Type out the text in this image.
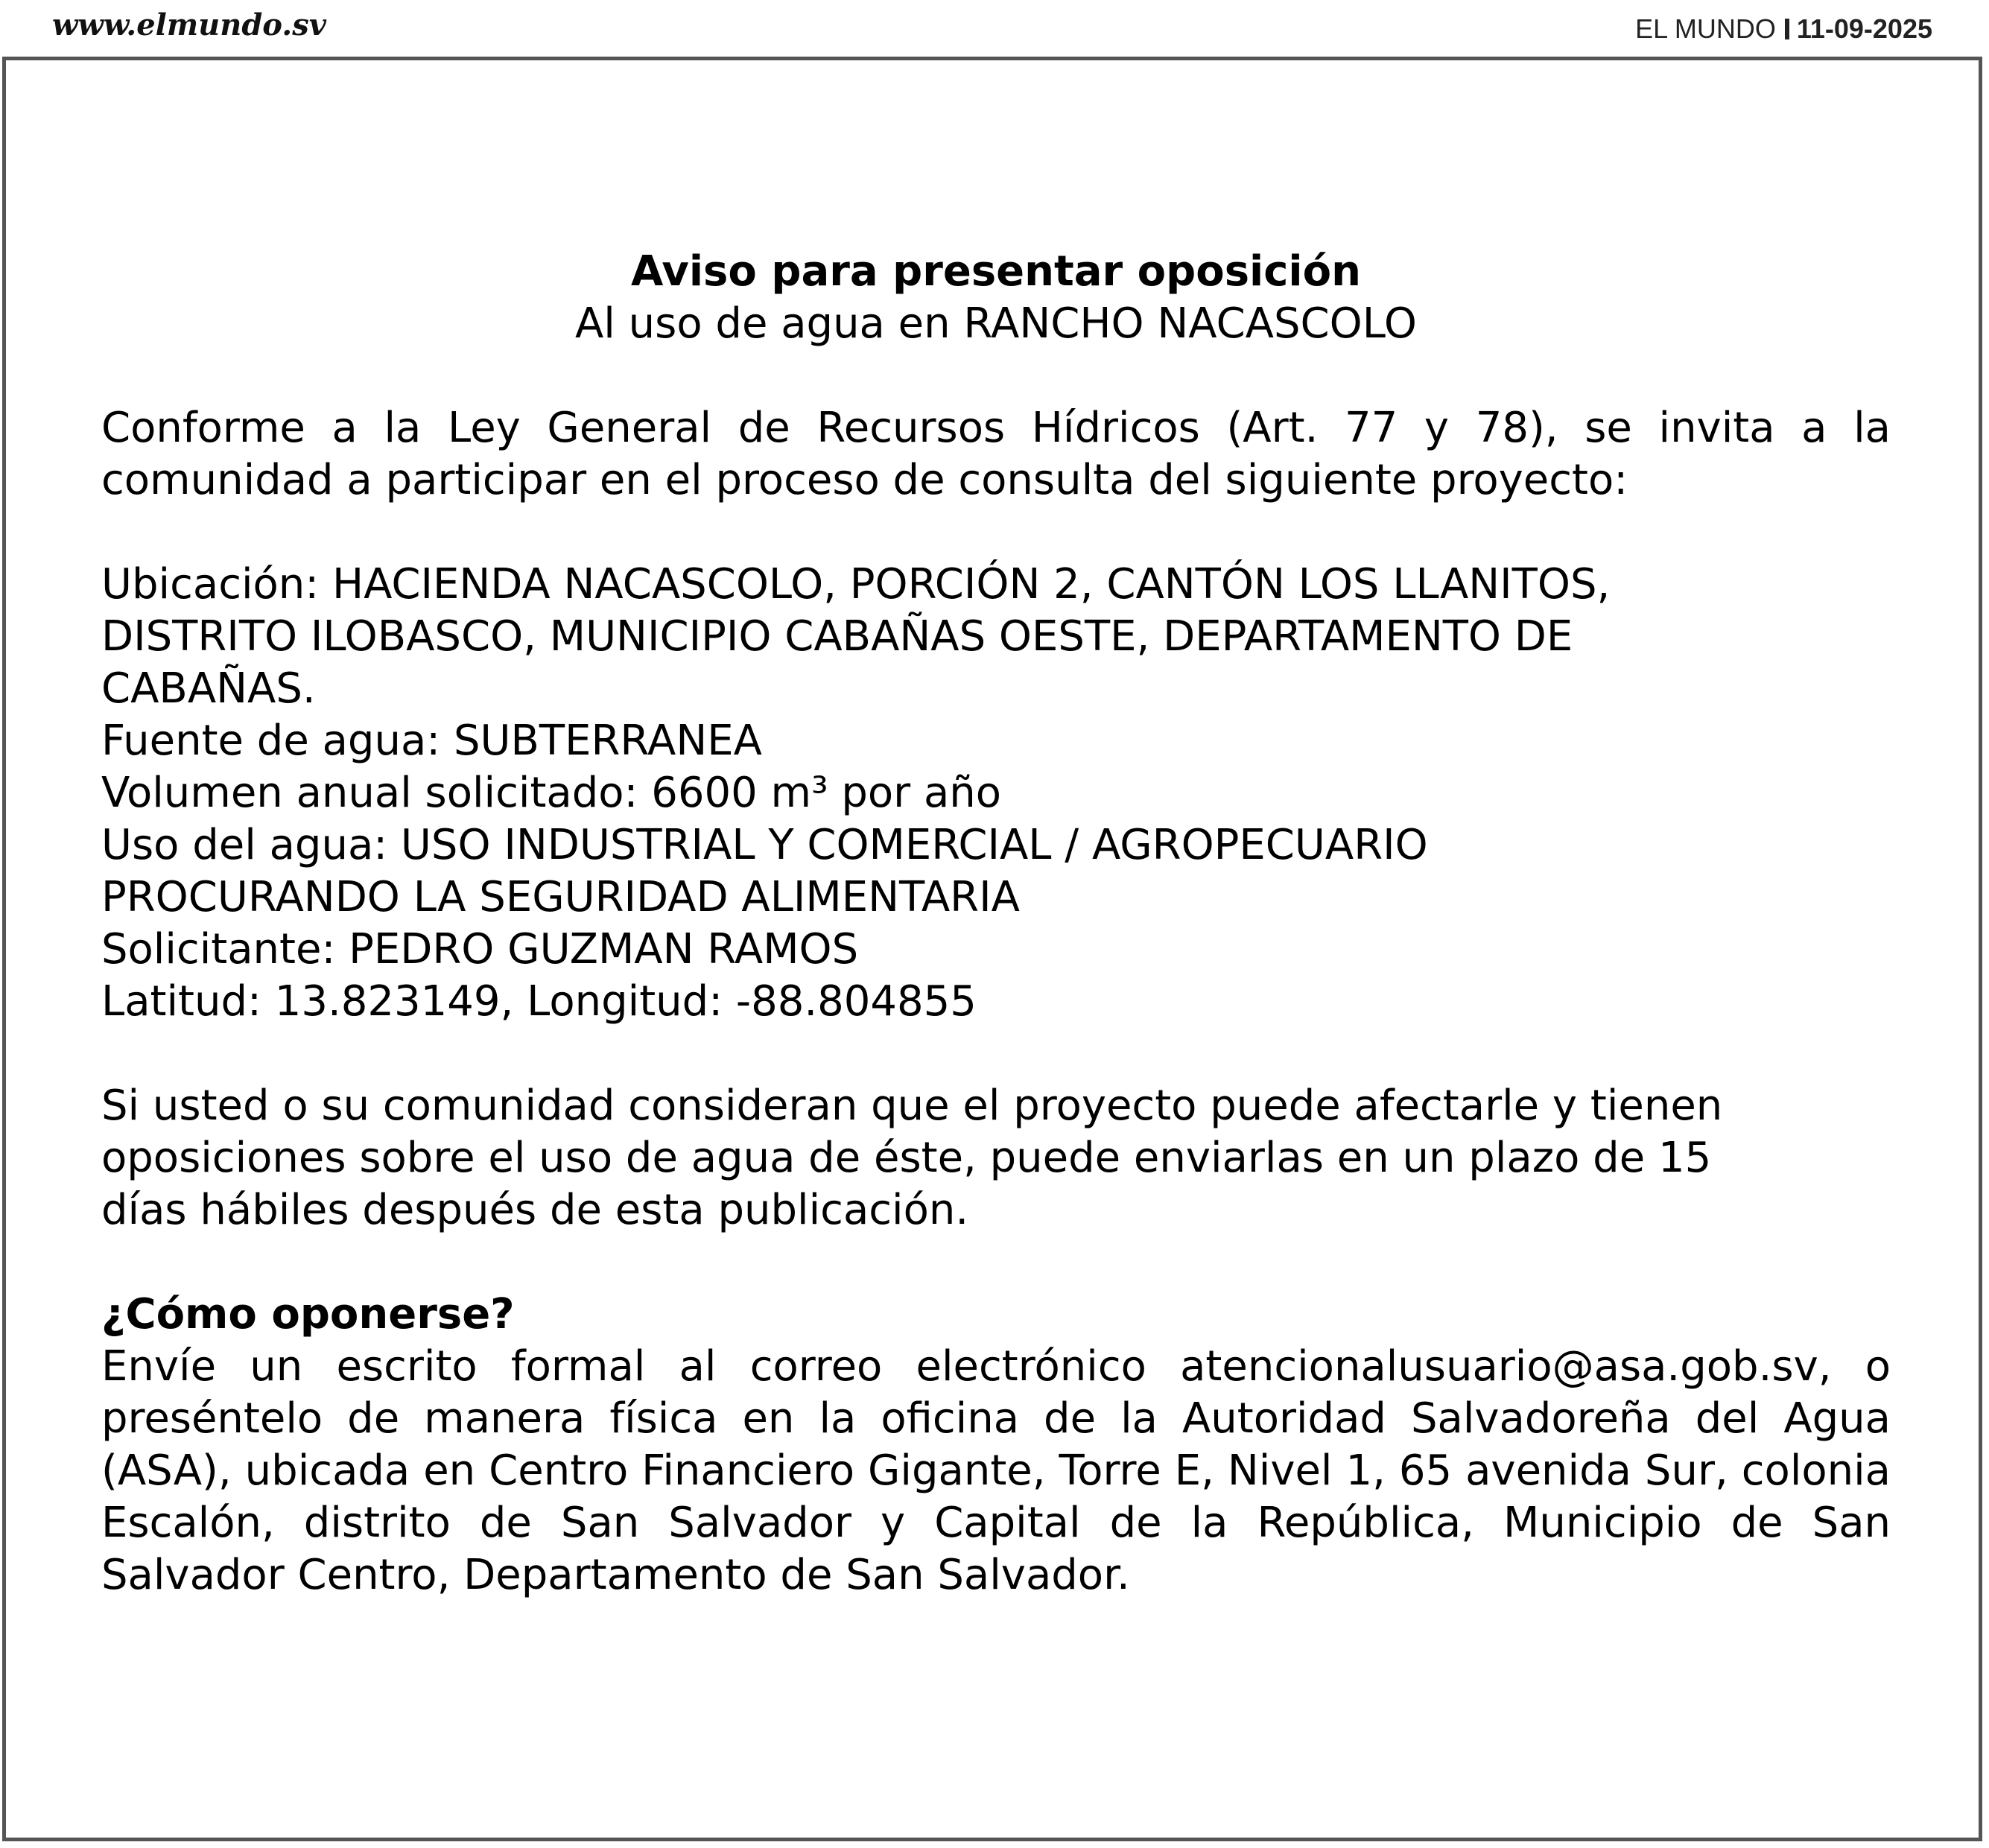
www.elmundo.sv	EL MUNDO 11-09-2025

Aviso para presentar oposición

Al uso de agua en RANCHO NACASCOLO

Conforme a la Ley General de Recursos Hídricos (Art. 77 y 78), se invita a la comunidad a participar en el proceso de consulta del siguiente proyecto:

Ubicación: HACIENDA NACASCOLO, PORCIÓN 2, CANTÓN LOS LLANITOS,
DISTRITO ILOBASCO, MUNICIPIO CABAÑAS OESTE, DEPARTAMENTO DE
CABAÑAS.
Fuente de agua: SUBTERRANEA
Volumen anual solicitado: 6600 m³ por año
Uso del agua: USO INDUSTRIAL Y COMERCIAL / AGROPECUARIO
PROCURANDO LA SEGURIDAD ALIMENTARIA
Solicitante: PEDRO GUZMAN RAMOS
Latitud: 13.823149, Longitud: -88.804855
Si usted o su comunidad consideran que el proyecto puede afectarle y tienen
oposiciones sobre el uso de agua de éste, puede enviarlas en un plazo de 15
días hábiles después de esta publicación.

¿Cómo oponerse?

Envíe un escrito formal al correo electrónico atencionalusuario@asa.gob.sv, o preséntelo de manera física en la oficina de la Autoridad Salvadoreña del Agua (ASA), ubicada en Centro Financiero Gigante, Torre E, Nivel 1, 65 avenida Sur, colonia Escalón, distrito de San Salvador y Capital de la República, Municipio de San Salvador Centro, Departamento de San Salvador.
